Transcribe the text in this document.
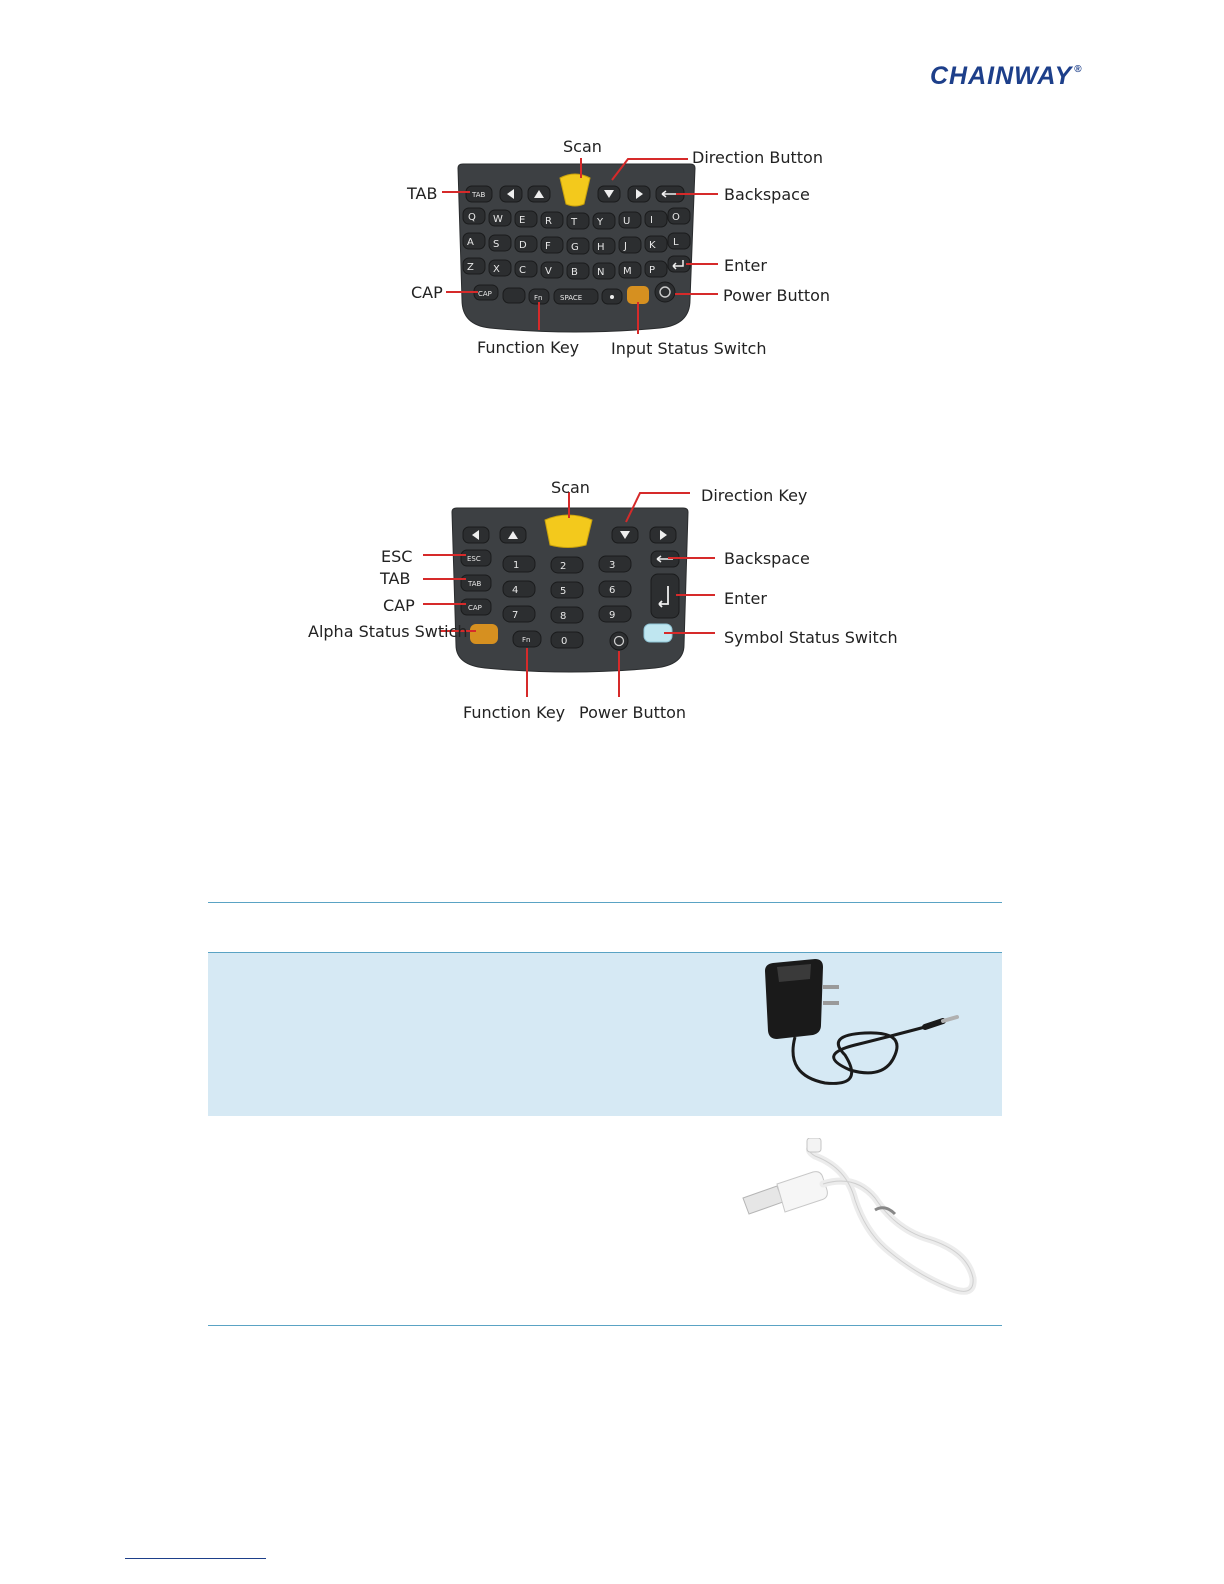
CHAINWAY ®
TAB
Q W E R T Y U I O
A S D F G H J K L
Z X C V B N M P
CAP	Fn	SPACE
Scan
Direction Button
TAB	Backspace
Enter
CAP	Power Button
Function Key Input Status Switch
ESC
TAB
CAP
1	2	3
4	5	6
7	8	9
Fn	0
Scan	Direction Key
ESC
TAB
CAP
Alpha Status Swtich
Backspace
Enter
Symbol Status Switch
Function Key Power Button
